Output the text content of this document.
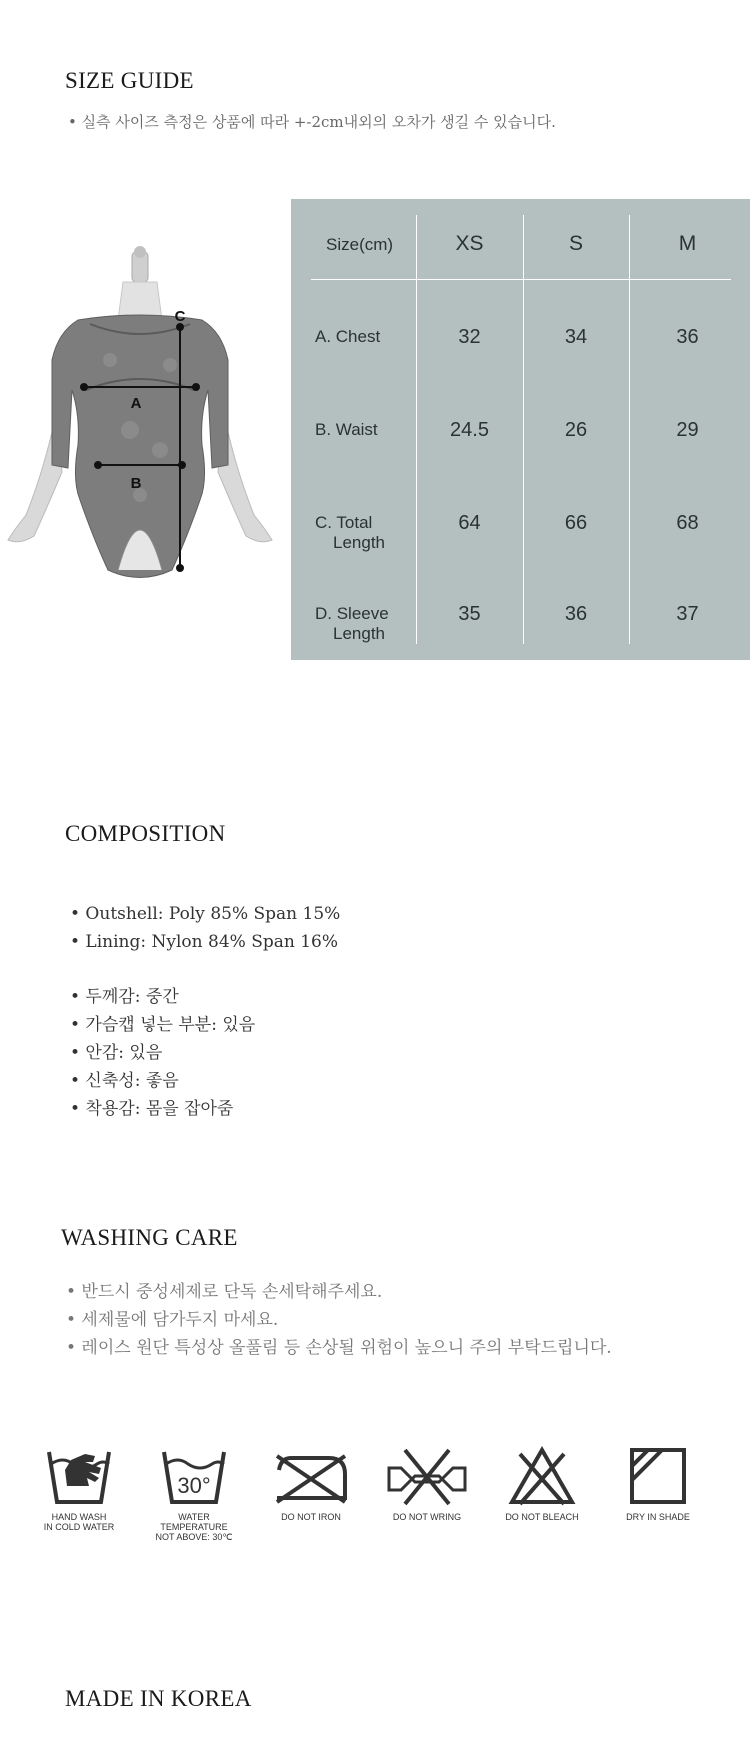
SIZE GUIDE
• 실측 사이즈 측정은 상품에 따라 +-2cm내외의 오차가 생길 수 있습니다.
C
A
B
Size(cm)	XS	S	M
A. Chest	32	34	36
B. Waist	24.5	26	29
C. Total
Length
64	66	68
D. Sleeve
Length
35	36	37
COMPOSITION
• Outshell: Poly 85% Span 15%
• Lining: Nylon 84% Span 16%
• 두께감: 중간
• 가슴캡 넣는 부분: 있음
• 안감: 있음
• 신축성: 좋음
• 착용감: 몸을 잡아줌
WASHING CARE
• 반드시 중성세제로 단독 손세탁해주세요.
• 세제물에 담가두지 마세요.
• 레이스 원단 특성상 올풀림 등 손상될 위험이 높으니 주의 부탁드립니다.
HAND WASH
IN COLD WATER
30°
WATER TEMPERATURE
NOT ABOVE: 30℃
DO NOT IRON	DO NOT WRING	DO NOT BLEACH	DRY IN SHADE
MADE IN KOREA
